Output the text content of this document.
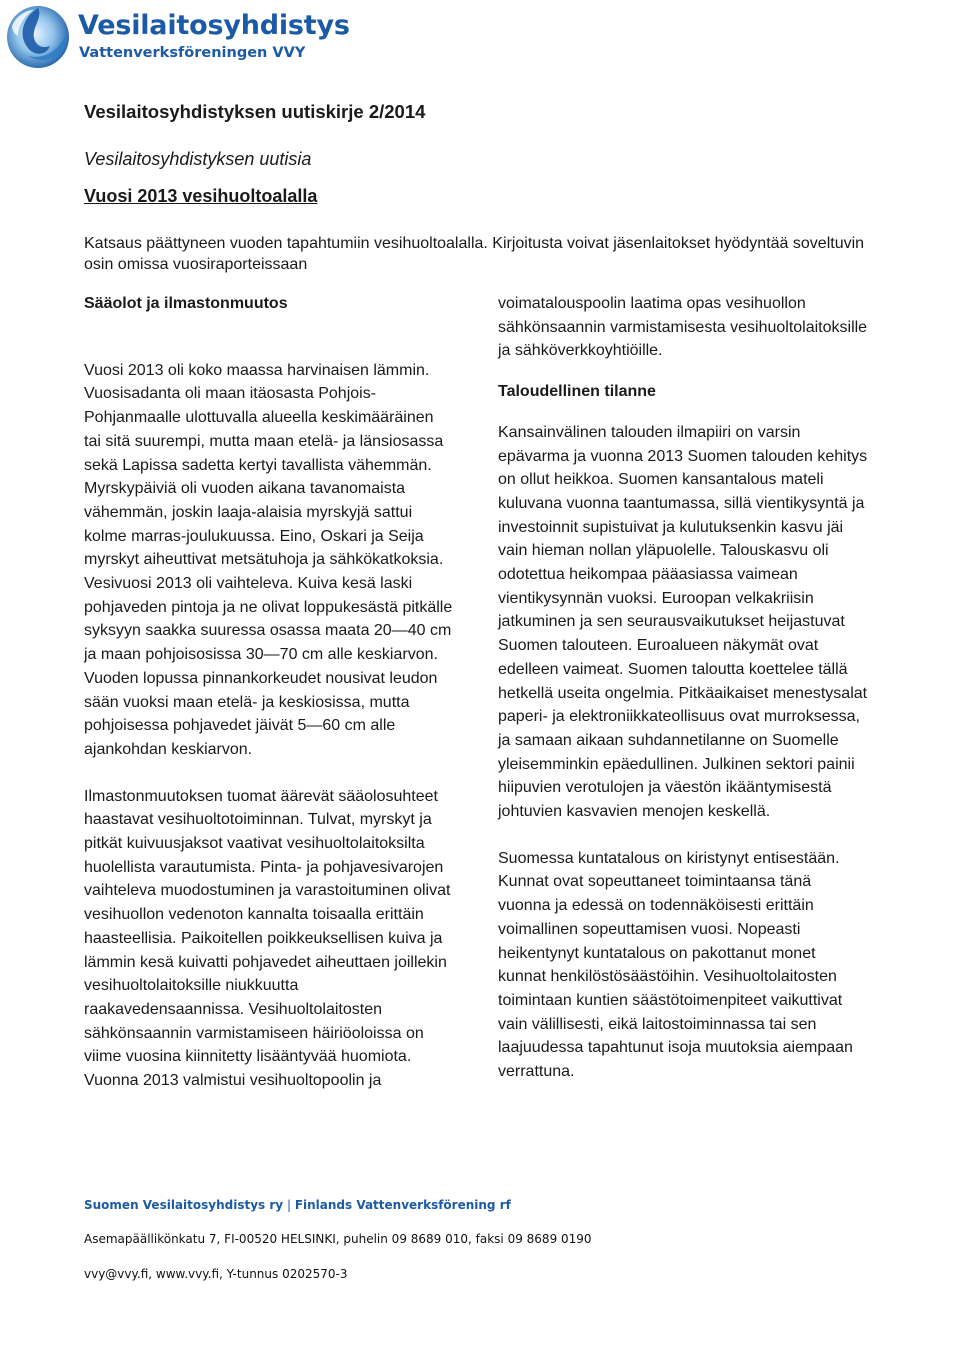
Vesilaitosyhdistys
Vattenverksföreningen VVY
Vesilaitosyhdistyksen uutiskirje 2/2014
Vesilaitosyhdistyksen uutisia
Vuosi 2013 vesihuoltoalalla

Katsaus päättyneen vuoden tapahtumiin vesihuoltoalalla. Kirjoitusta voivat jäsenlaitokset hyödyntää soveltuvin osin omissa vuosiraporteissaan

Sääolot ja ilmastonmuutos

Vuosi 2013 oli koko maassa harvinaisen lämmin. Vuosisadanta oli maan itäosasta Pohjois-Pohjanmaalle ulottuvalla alueella keskimääräinen tai sitä suurempi, mutta maan etelä- ja länsiosassa sekä Lapissa sadetta kertyi tavallista vähemmän. Myrskypäiviä oli vuoden aikana tavanomaista vähemmän, joskin laaja-alaisia myrskyjä sattui kolme marras-joulukuussa. Eino, Oskari ja Seija myrskyt aiheuttivat metsätuhoja ja sähkökatkoksia. Vesivuosi 2013 oli vaihteleva. Kuiva kesä laski pohjaveden pintoja ja ne olivat loppukesästä pitkälle syksyyn saakka suuressa osassa maata 20—40 cm ja maan pohjoisosissa 30—70 cm alle keskiarvon. Vuoden lopussa pinnankorkeudet nousivat leudon sään vuoksi maan etelä- ja keskiosissa, mutta pohjoisessa pohjavedet jäivät 5—60 cm alle ajankohdan keskiarvon.

Ilmastonmuutoksen tuomat äärevät sääolosuhteet haastavat vesihuoltotoiminnan. Tulvat, myrskyt ja pitkät kuivuusjaksot vaativat vesihuoltolaitoksilta huolellista varautumista. Pinta- ja pohjavesivarojen vaihteleva muodostuminen ja varastoituminen olivat vesihuollon vedenoton kannalta toisaalla erittäin haasteellisia. Paikoitellen poikkeuksellisen kuiva ja lämmin kesä kuivatti pohjavedet aiheuttaen joillekin vesihuoltolaitoksille niukkuutta raakavedensaannissa. Vesihuoltolaitosten sähkönsaannin varmistamiseen häiriöoloissa on viime vuosina kiinnitetty lisääntyvää huomiota. Vuonna 2013 valmistui vesihuoltopoolin ja

voimatalouspoolin laatima opas vesihuollon sähkönsaannin varmistamisesta vesihuoltolaitoksille ja sähköverkkoyhtiöille.

Taloudellinen tilanne

Kansainvälinen talouden ilmapiiri on varsin epävarma ja vuonna 2013 Suomen talouden kehitys on ollut heikkoa. Suomen kansantalous mateli kuluvana vuonna taantumassa, sillä vientikysyntä ja investoinnit supistuivat ja kulutuksenkin kasvu jäi vain hieman nollan yläpuolelle. Talouskasvu oli odotettua heikompaa pääasiassa vaimean vientikysynnän vuoksi. Euroopan velkakriisin jatkuminen ja sen seurausvaikutukset heijastuvat Suomen talouteen. Euroalueen näkymät ovat edelleen vaimeat. Suomen taloutta koettelee tällä hetkellä useita ongelmia. Pitkäaikaiset menestysalat paperi- ja elektroniikkateollisuus ovat murroksessa, ja samaan aikaan suhdannetilanne on Suomelle yleisemminkin epäedullinen. Julkinen sektori painii hiipuvien verotulojen ja väestön ikääntymisestä johtuvien kasvavien menojen keskellä.

Suomessa kuntatalous on kiristynyt entisestään. Kunnat ovat sopeuttaneet toimintaansa tänä vuonna ja edessä on todennäköisesti erittäin voimallinen sopeuttamisen vuosi. Nopeasti heikentynyt kuntatalous on pakottanut monet kunnat henkilöstösäästöihin. Vesihuoltolaitosten toimintaan kuntien säästötoimenpiteet vaikuttivat vain välillisesti, eikä laitostoiminnassa tai sen laajuudessa tapahtunut isoja muutoksia aiempaan verrattuna.

Suomen Vesilaitosyhdistys ry | Finlands Vattenverksförening rf
Asemapäällikönkatu 7, FI-00520 HELSINKI, puhelin 09 8689 010, faksi 09 8689 0190
vvy@vvy.fi, www.vvy.fi, Y-tunnus 0202570-3
